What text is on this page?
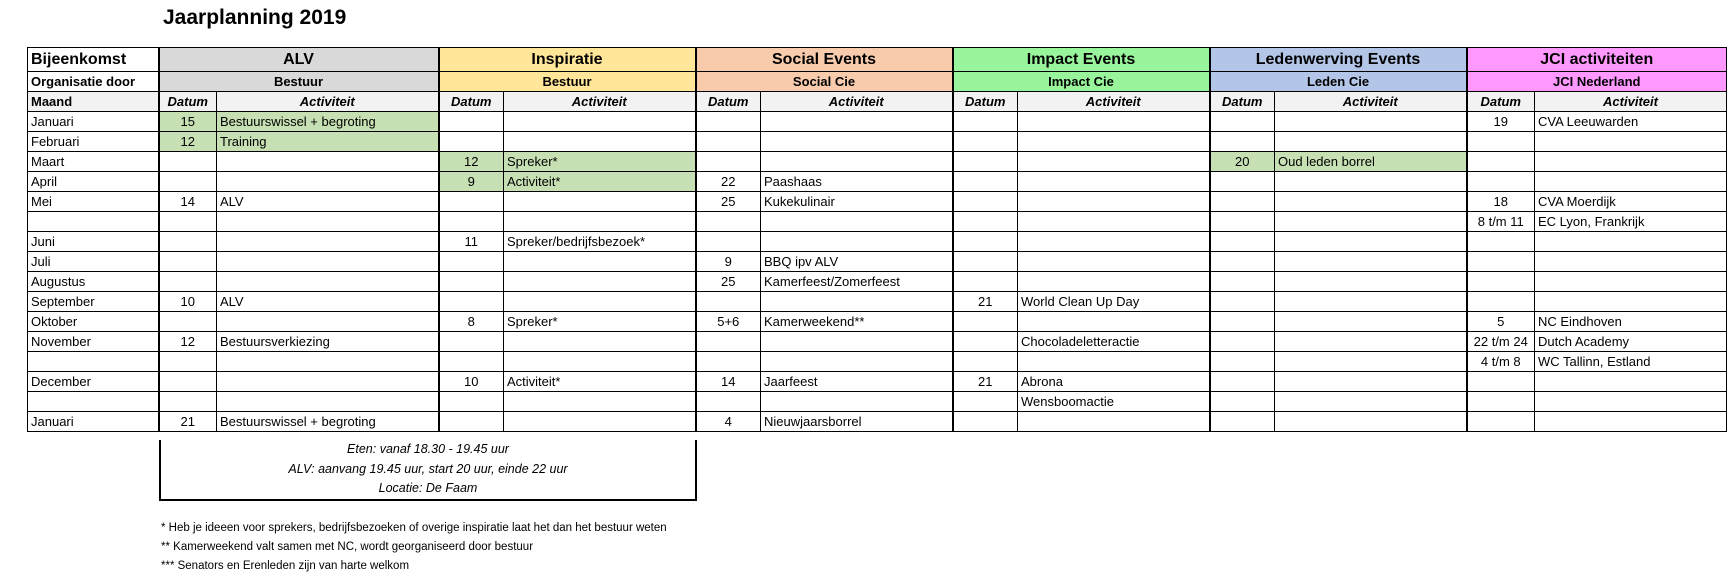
Jaarplanning 2019
Bijeenkomst	ALV		Inspiratie		Social Events		Impact Events		Ledenwerving Events		JCI activiteiten	
Organisatie door	Bestuur		Bestuur		Social Cie		Impact Cie		Leden Cie		JCI Nederland	
Maand	Datum	Activiteit	Datum	Activiteit	Datum	Activiteit	Datum	Activiteit	Datum	Activiteit	Datum	Activiteit
Januari	15	Bestuurswissel + begroting									19	CVA Leeuwarden
Februari	12	Training										
Maart			12	Spreker*					20	Oud leden borrel		
April			9	Activiteit*	22	Paashaas						
Mei	14	ALV			25	Kukekulinair					18	CVA Moerdijk
											8 t/m 11	EC Lyon, Frankrijk
Juni			11	Spreker/bedrijfsbezoek*								
Juli					9	BBQ ipv ALV						
Augustus					25	Kamerfeest/Zomerfeest						
September	10	ALV					21	World Clean Up Day				
Oktober			8	Spreker*	5+6	Kamerweekend**					5	NC Eindhoven
November	12	Bestuursverkiezing						Chocoladeletteractie			22 t/m 24	Dutch Academy
											4 t/m 8	WC Tallinn, Estland
December			10	Activiteit*	14	Jaarfeest	21	Abrona				
								Wensboomactie				
Januari	21	Bestuurswissel + begroting			4	Nieuwjaarsborrel						
Eten: vanaf 18.30 - 19.45 uur
ALV: aanvang 19.45 uur, start 20 uur, einde 22 uur
Locatie: De Faam
* Heb je ideeen voor sprekers, bedrijfsbezoeken of overige inspiratie laat het dan het bestuur weten
** Kamerweekend valt samen met NC, wordt georganiseerd door bestuur
*** Senators en Erenleden zijn van harte welkom
